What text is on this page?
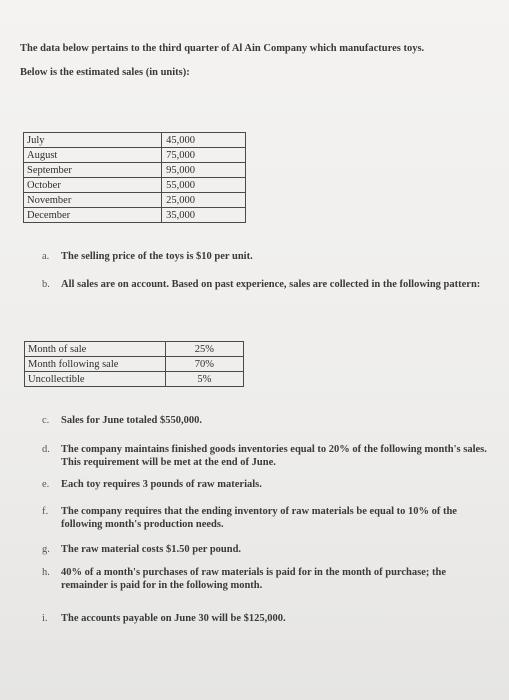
The data below pertains to the third quarter of Al Ain Company which manufactures toys.

Below is the estimated sales (in units):

July	45,000
August	75,000
September	95,000
October	55,000
November	25,000
December	35,000
a.	The selling price of the toys is $10 per unit.
b.	All sales are on account. Based on past experience, sales are collected in the following pattern:
Month of sale	25%
Month following sale	70%
Uncollectible	5%
c.	Sales for June totaled $550,000.
d.	The company maintains finished goods inventories equal to 20% of the following month's sales. This requirement will be met at the end of June.
e.	Each toy requires 3 pounds of raw materials.
f.	The company requires that the ending inventory of raw materials be equal to 10% of the following month's production needs.
g.	The raw material costs $1.50 per pound.
h.	40% of a month's purchases of raw materials is paid for in the month of purchase; the remainder is paid for in the following month.
i.	The accounts payable on June 30 will be $125,000.
